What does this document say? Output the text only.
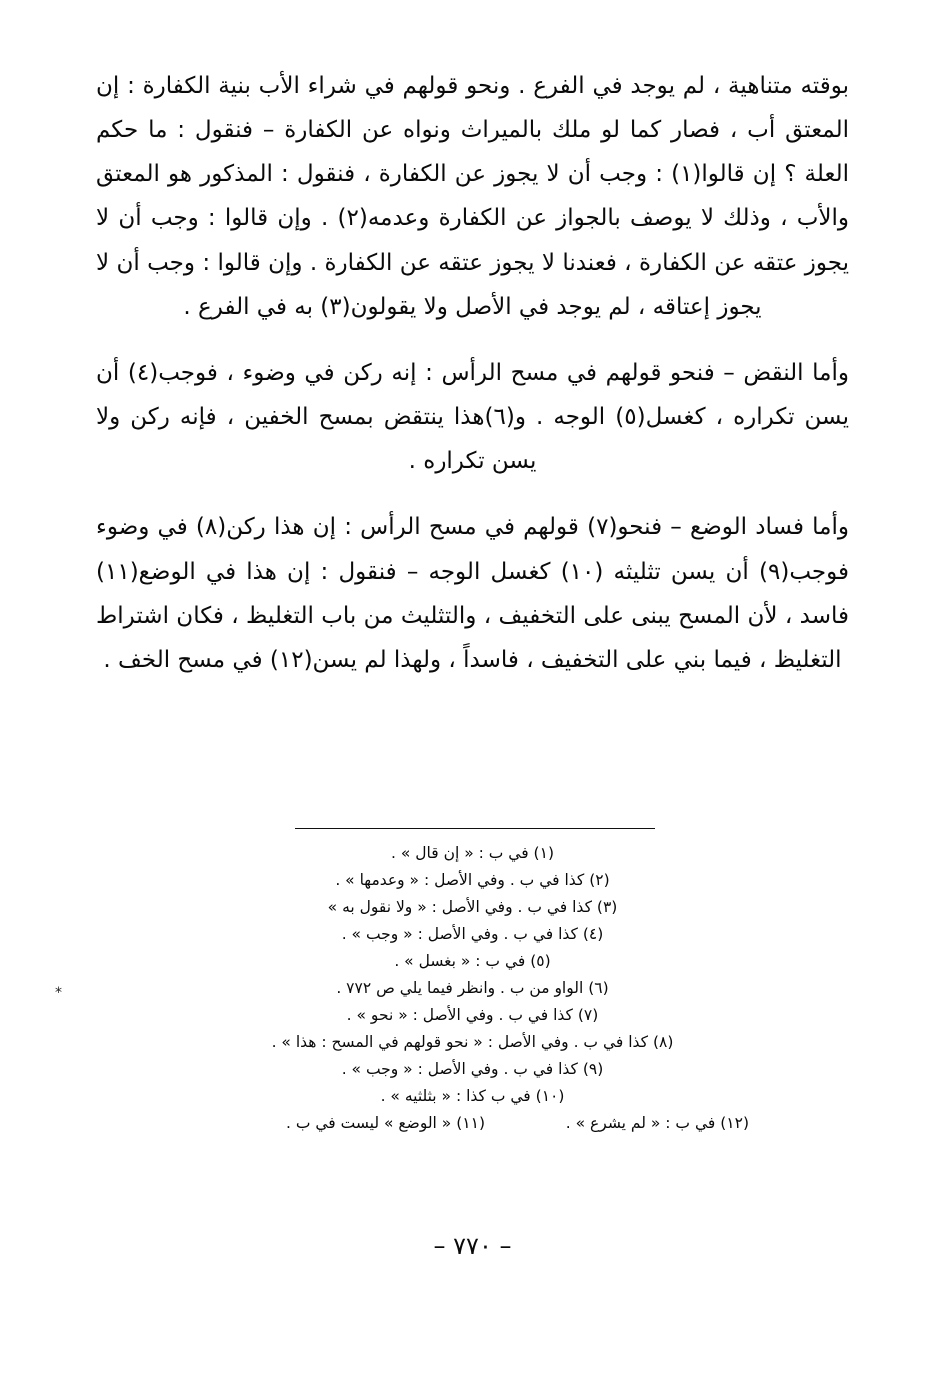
بوقته متناهية ، لم يوجد في الفرع . ونحو قولهم في شراء الأب بنية الكفارة : إن المعتق أب ، فصار كما لو ملك بالميراث ونواه عن الكفارة – فنقول : ما حكم العلة ؟ إن قالوا(١) : وجب أن لا يجوز عن الكفارة ، فنقول : المذكور هو المعتق والأب ، وذلك لا يوصف بالجواز عن الكفارة وعدمه(٢) . وإن قالوا : وجب أن لا يجوز عتقه عن الكفارة ، فعندنا لا يجوز عتقه عن الكفارة . وإن قالوا : وجب أن لا يجوز إعتاقه ، لم يوجد في الأصل ولا يقولون(٣) به في الفرع .

وأما النقض – فنحو قولهم في مسح الرأس : إنه ركن في وضوء ، فوجب(٤) أن يسن تكراره ، كغسل(٥) الوجه . و(٦)هذا ينتقض بمسح الخفين ، فإنه ركن ولا يسن تكراره .

وأما فساد الوضع – فنحو(٧) قولهم في مسح الرأس : إن هذا ركن(٨) في وضوء فوجب(٩) أن يسن تثليثه (١٠) كغسل الوجه – فنقول : إن هذا في الوضع(١١) فاسد ، لأن المسح يبنى على التخفيف ، والتثليث من باب التغليظ ، فكان اشتراط التغليظ ، فيما بني على التخفيف ، فاسداً ، ولهذا لم يسن(١٢) في مسح الخف .

*

(١) في ب : « إن قال » .

(٢) كذا في ب . وفي الأصل : « وعدمها » .

(٣) كذا في ب . وفي الأصل : « ولا نقول به »

(٤) كذا في ب . وفي الأصل : « وجب » .

(٥) في ب : « بغسل » .

(٦) الواو من ب . وانظر فيما يلي ص ٧٧٢ .

(٧) كذا في ب . وفي الأصل : « نحو » .

(٨) كذا في ب . وفي الأصل : « نحو قولهم في المسح : هذا » .

(٩) كذا في ب . وفي الأصل : « وجب » .

(١٠) في ب كذا : « بثلثيه » .

(١٢) في ب : « لم يشرع » .
(١١) « الوضع » ليست في ب .
– ٧٧٠ –
